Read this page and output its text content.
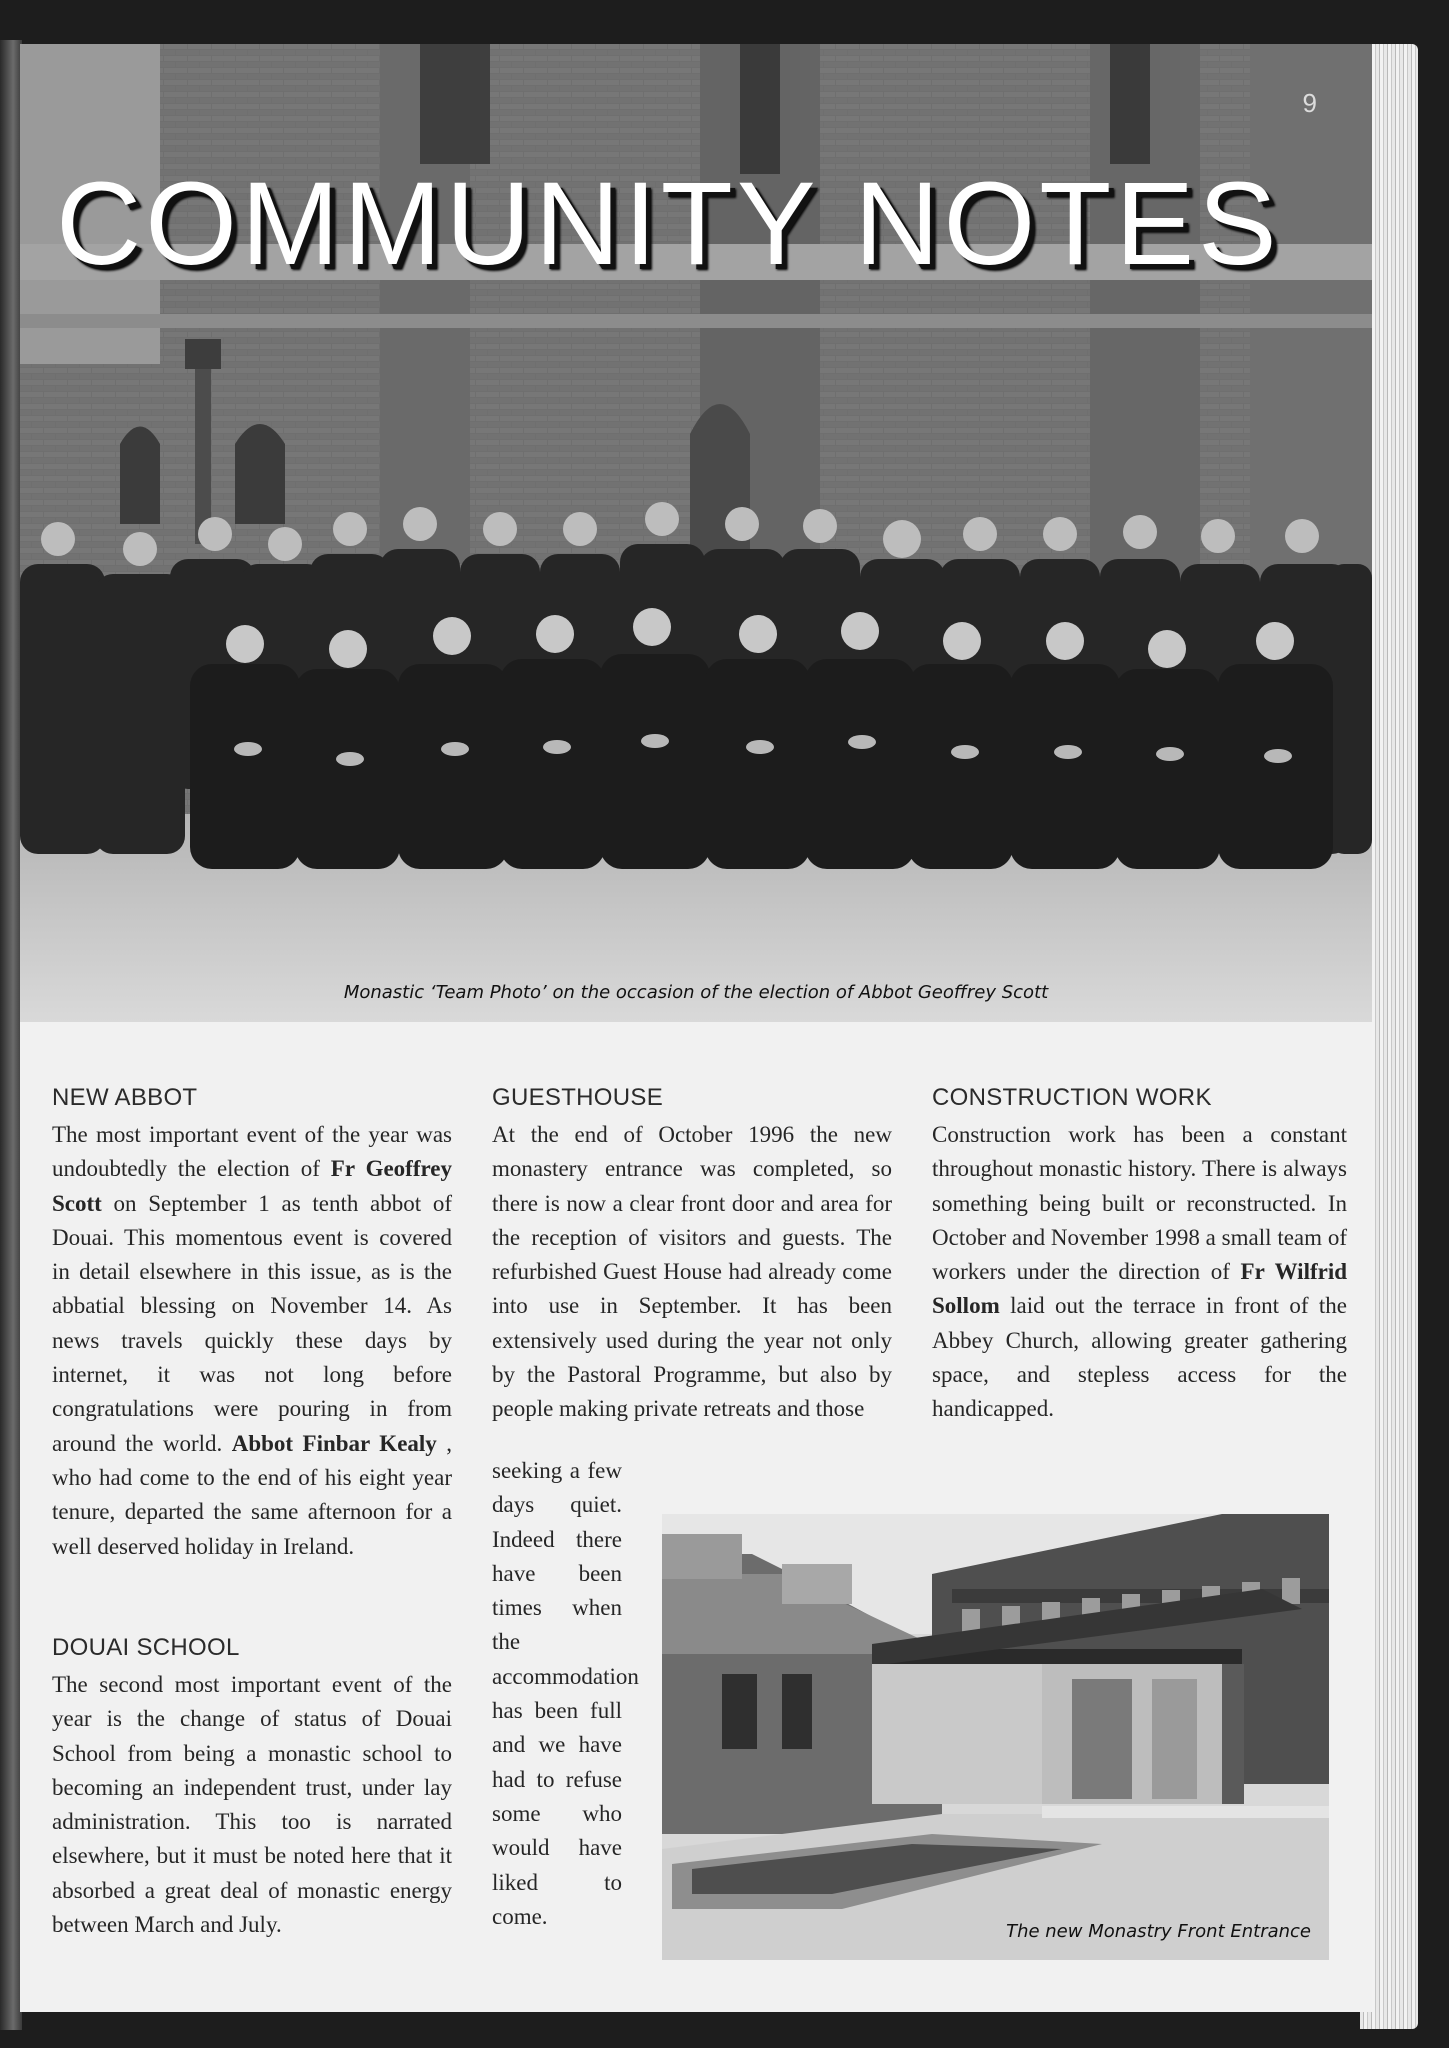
9
COMMUNITY NOTES
Monastic ‘Team Photo’ on the occasion of the election of Abbot Geoffrey Scott
NEW ABBOT

The most important event of the year was undoubtedly the election of Fr Geoffrey Scott on September 1 as tenth abbot of Douai. This momentous event is covered in detail elsewhere in this issue, as is the abbatial blessing on November 14. As news travels quickly these days by internet, it was not long before congratulations were pouring in from around the world. Abbot Finbar Kealy , who had come to the end of his eight year tenure, departed the same afternoon for a well deserved holiday in Ireland.

DOUAI SCHOOL

The second most important event of the year is the change of status of Douai School from being a monastic school to becoming an independent trust, under lay administration. This too is narrated elsewhere, but it must be noted here that it absorbed a great deal of monastic energy between March and July.

GUESTHOUSE

At the end of October 1996 the new monastery entrance was completed, so there is now a clear front door and area for the reception of visitors and guests. The refurbished Guest House had already come into use in September. It has been extensively used during the year not only by the Pastoral Programme, but also by people making private retreats and those

seeking a few days quiet. Indeed there have been times when the accommodation has been full and we have had to refuse some who would have liked to come.

CONSTRUCTION WORK

Construction work has been a constant throughout monastic history. There is always something being built or reconstructed. In October and November 1998 a small team of workers under the direction of Fr Wilfrid Sollom laid out the terrace in front of the Abbey Church, allowing greater gathering space, and stepless access for the handicapped.

The new Monastry Front Entrance
